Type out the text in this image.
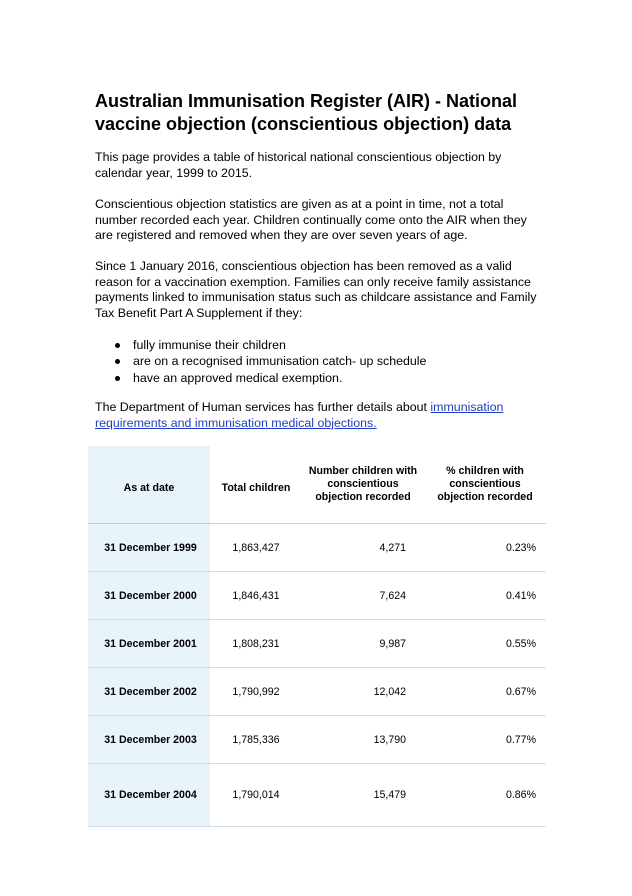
Australian Immunisation Register (AIR) - National vaccine objection (conscientious objection) data

This page provides a table of historical national conscientious objection by calendar year, 1999 to 2015.

Conscientious objection statistics are given as at a point in time, not a total number recorded each year. Children continually come onto the AIR when they are registered and removed when they are over seven years of age.

Since 1 January 2016, conscientious objection has been removed as a valid reason for a vaccination exemption. Families can only receive family assistance payments linked to immunisation status such as childcare assistance and Family Tax Benefit Part A Supplement if they:

fully immunise their children
are on a recognised immunisation catch- up schedule
have an approved medical exemption.

The Department of Human services has further details about immunisation requirements and immunisation medical objections.

As at date	Total children	Number children with conscientious objection recorded	% children with conscientious objection recorded
31 December 1999	1,863,427	4,271	0.23%
31 December 2000	1,846,431	7,624	0.41%
31 December 2001	1,808,231	9,987	0.55%
31 December 2002	1,790,992	12,042	0.67%
31 December 2003	1,785,336	13,790	0.77%
31 December 2004	1,790,014	15,479	0.86%
